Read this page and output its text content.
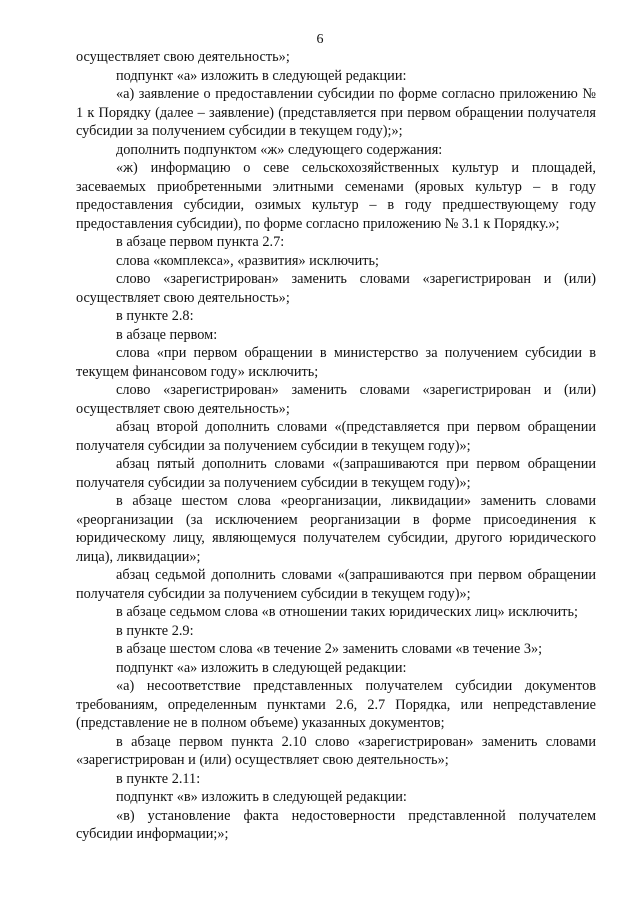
6

осуществляет свою деятельность»;

подпункт «а» изложить в следующей редакции:

«а) заявление о предоставлении субсидии по форме согласно приложению № 1 к Порядку (далее – заявление) (представляется при первом обращении получателя субсидии за получением субсидии в текущем году);»;

дополнить подпунктом «ж» следующего содержания:

«ж) информацию о севе сельскохозяйственных культур и площадей, засеваемых приобретенными элитными семенами (яровых культур – в году предоставления субсидии, озимых культур – в году предшествующему году предоставления субсидии), по форме согласно приложению № 3.1 к Порядку.»;

в абзаце первом пункта 2.7:

слова «комплекса», «развития» исключить;

слово «зарегистрирован» заменить словами «зарегистрирован и (или) осуществляет свою деятельность»;

в пункте 2.8:

в абзаце первом:

слова «при первом обращении в министерство за получением субсидии в текущем финансовом году» исключить;

слово «зарегистрирован» заменить словами «зарегистрирован и (или) осуществляет свою деятельность»;

абзац второй дополнить словами «(представляется при первом обращении получателя субсидии за получением субсидии в текущем году)»;

абзац пятый дополнить словами «(запрашиваются при первом обращении получателя субсидии за получением субсидии в текущем году)»;

в абзаце шестом слова «реорганизации, ликвидации» заменить словами «реорганизации (за исключением реорганизации в форме присоединения к юридическому лицу, являющемуся получателем субсидии, другого юридического лица), ликвидации»;

абзац седьмой дополнить словами «(запрашиваются при первом обращении получателя субсидии за получением субсидии в текущем году)»;

в абзаце седьмом слова «в отношении таких юридических лиц» исключить;

в пункте 2.9:

в абзаце шестом слова «в течение 2» заменить словами «в течение 3»;

подпункт «а» изложить в следующей редакции:

«а) несоответствие представленных получателем субсидии документов требованиям, определенным пунктами 2.6, 2.7 Порядка, или непредставление (представление не в полном объеме) указанных документов;

в абзаце первом пункта 2.10 слово «зарегистрирован» заменить словами «зарегистрирован и (или) осуществляет свою деятельность»;

в пункте 2.11:

подпункт «в» изложить в следующей редакции:

«в) установление факта недостоверности представленной получателем субсидии информации;»;
